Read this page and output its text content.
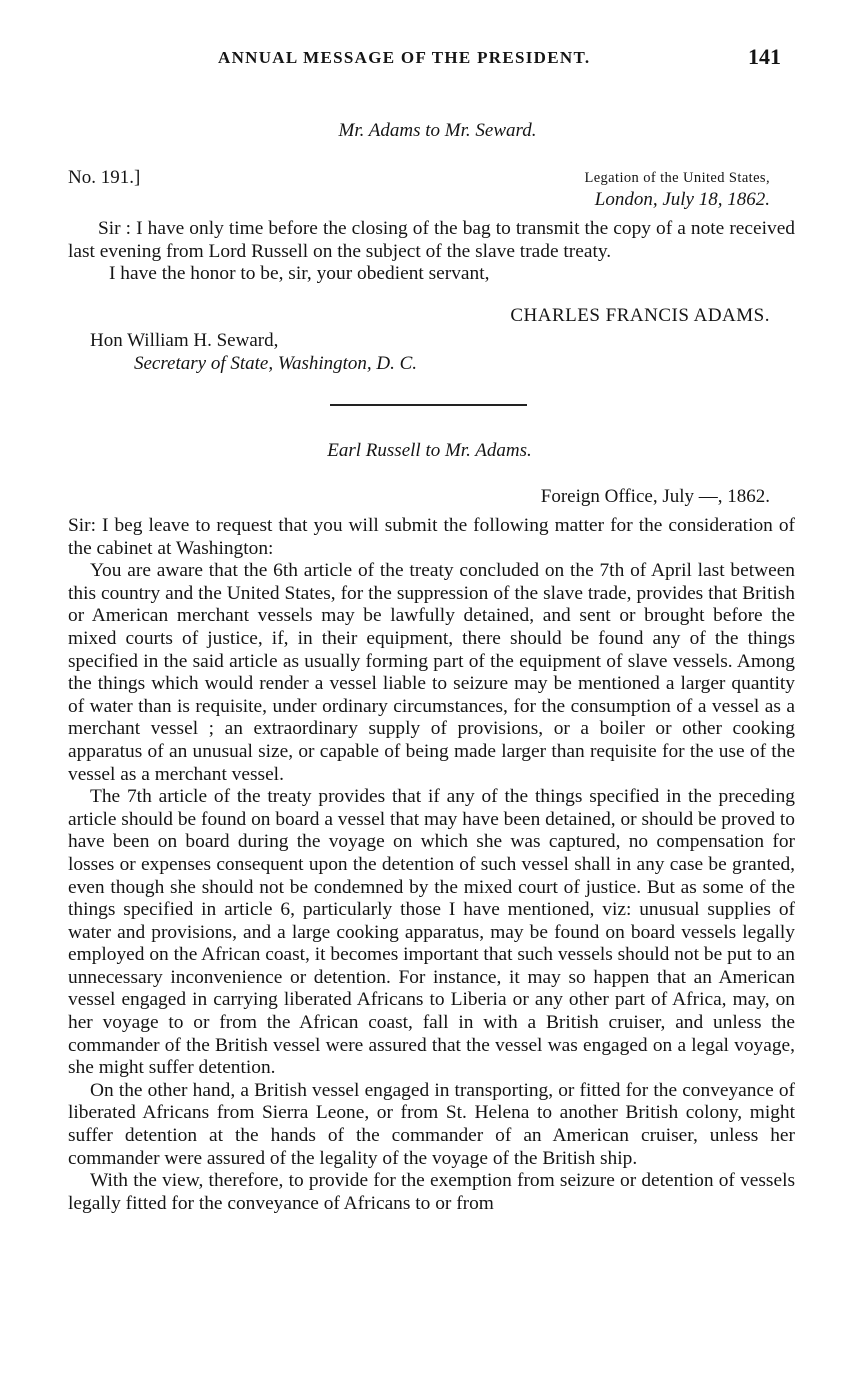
ANNUAL MESSAGE OF THE PRESIDENT.	141
Mr. Adams to Mr. Seward.
No. 191.]	Legation of the United States,
London, July 18, 1862.

Sir : I have only time before the closing of the bag to transmit the copy of a note received last evening from Lord Russell on the subject of the slave trade treaty.

I have the honor to be, sir, your obedient servant,

CHARLES FRANCIS ADAMS.
Hon William H. Seward,
Secretary of State, Washington, D. C.
Earl Russell to Mr. Adams.
Foreign Office, July —, 1862.

Sir: I beg leave to request that you will submit the following matter for the consideration of the cabinet at Washington:

You are aware that the 6th article of the treaty concluded on the 7th of April last between this country and the United States, for the suppression of the slave trade, provides that British or American merchant vessels may be lawfully detained, and sent or brought before the mixed courts of justice, if, in their equipment, there should be found any of the things specified in the said article as usually forming part of the equipment of slave vessels. Among the things which would render a vessel liable to seizure may be mentioned a larger quantity of water than is requisite, under ordinary circumstances, for the consumption of a vessel as a merchant vessel ; an extraordinary supply of provisions, or a boiler or other cooking apparatus of an unusual size, or capable of being made larger than requisite for the use of the vessel as a merchant vessel.

The 7th article of the treaty provides that if any of the things specified in the preceding article should be found on board a vessel that may have been detained, or should be proved to have been on board during the voyage on which she was captured, no compensation for losses or expenses consequent upon the detention of such vessel shall in any case be granted, even though she should not be condemned by the mixed court of justice. But as some of the things specified in article 6, particularly those I have mentioned, viz: unusual supplies of water and provisions, and a large cooking apparatus, may be found on board vessels legally employed on the African coast, it becomes important that such vessels should not be put to an unnecessary inconvenience or detention. For instance, it may so happen that an American vessel engaged in carrying liberated Africans to Liberia or any other part of Africa, may, on her voyage to or from the African coast, fall in with a British cruiser, and unless the commander of the British vessel were assured that the vessel was engaged on a legal voyage, she might suffer detention.

On the other hand, a British vessel engaged in transporting, or fitted for the conveyance of liberated Africans from Sierra Leone, or from St. Helena to another British colony, might suffer detention at the hands of the commander of an American cruiser, unless her commander were assured of the legality of the voyage of the British ship.

With the view, therefore, to provide for the exemption from seizure or detention of vessels legally fitted for the conveyance of Africans to or from
